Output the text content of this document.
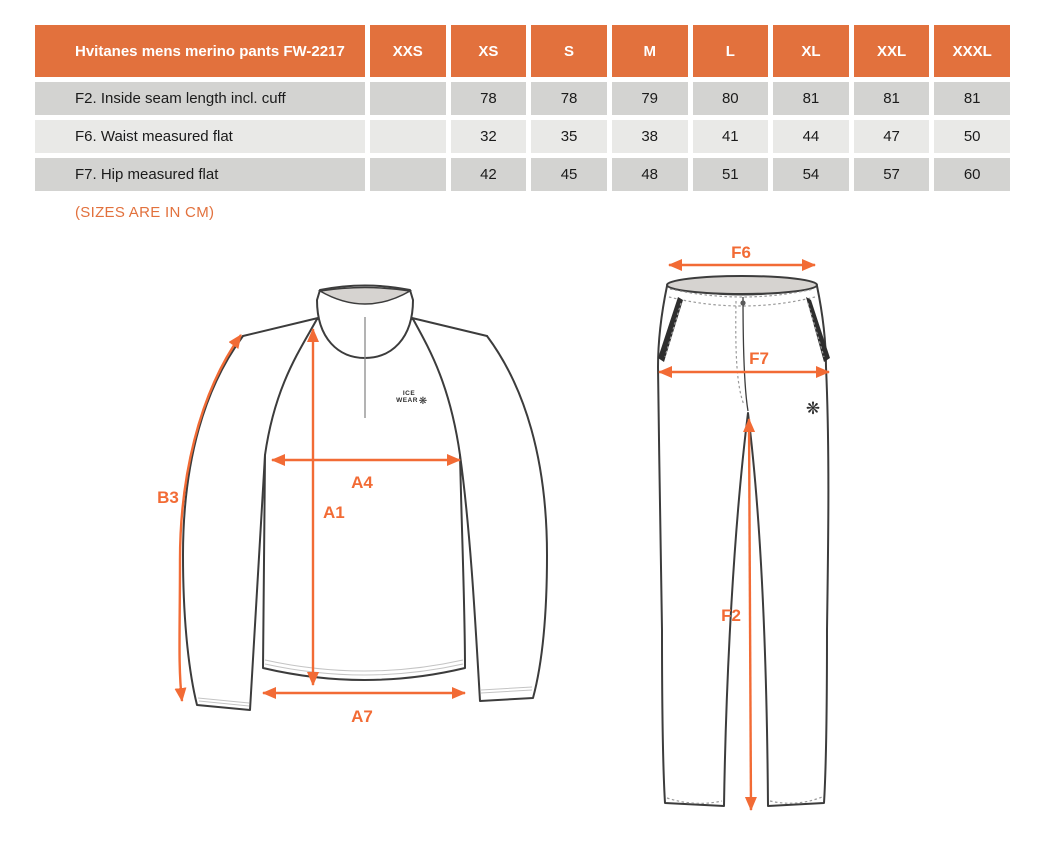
Hvitanes mens merino pants FW-2217	XXS	XS	S	M	L	XL	XXL	XXXL
F2. Inside seam length incl. cuff		78	78	79	80	81	81	81
F6. Waist measured flat		32	35	38	41	44	47	50
F7. Hip measured flat		42	45	48	51	54	57	60
(SIZES ARE IN CM)
ICE
WEAR ❋
B3
A1
A4
A7
❋
F6
F7
F2
